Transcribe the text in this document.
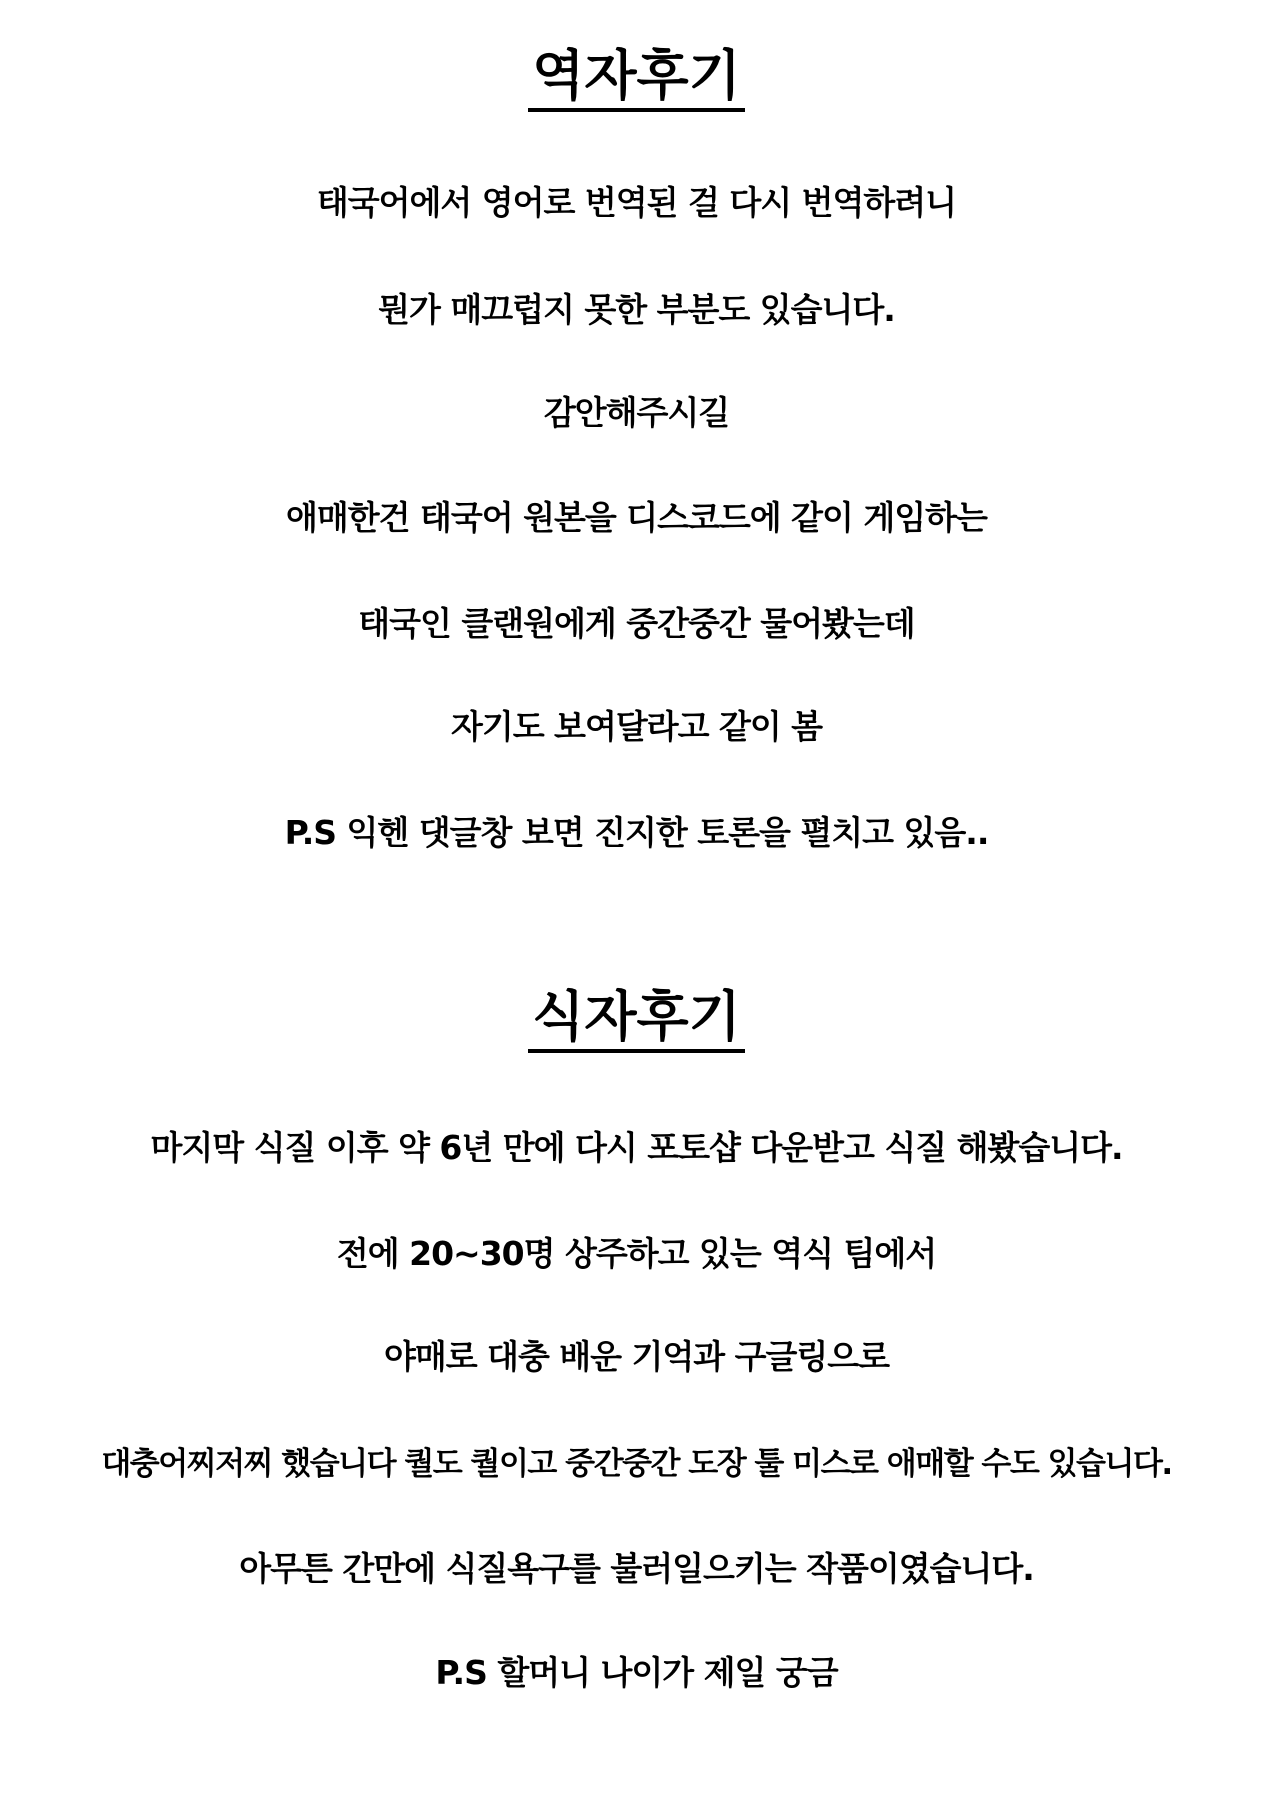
역자후기

태국어에서 영어로 번역된 걸 다시 번역하려니

뭔가 매끄럽지 못한 부분도 있습니다.

감안해주시길

애매한건 태국어 원본을 디스코드에 같이 게임하는

태국인 클랜원에게 중간중간 물어봤는데

자기도 보여달라고 같이 봄

P.S 익헨 댓글창 보면 진지한 토론을 펼치고 있음..

식자후기

마지막 식질 이후 약 6년 만에 다시 포토샵 다운받고 식질 해봤습니다.

전에 20~30명 상주하고 있는 역식 팀에서

야매로 대충 배운 기억과 구글링으로

대충어찌저찌 했습니다 퀄도 퀄이고 중간중간 도장 툴 미스로 애매할 수도 있습니다.

아무튼 간만에 식질욕구를 불러일으키는 작품이였습니다.

P.S 할머니 나이가 제일 궁금
